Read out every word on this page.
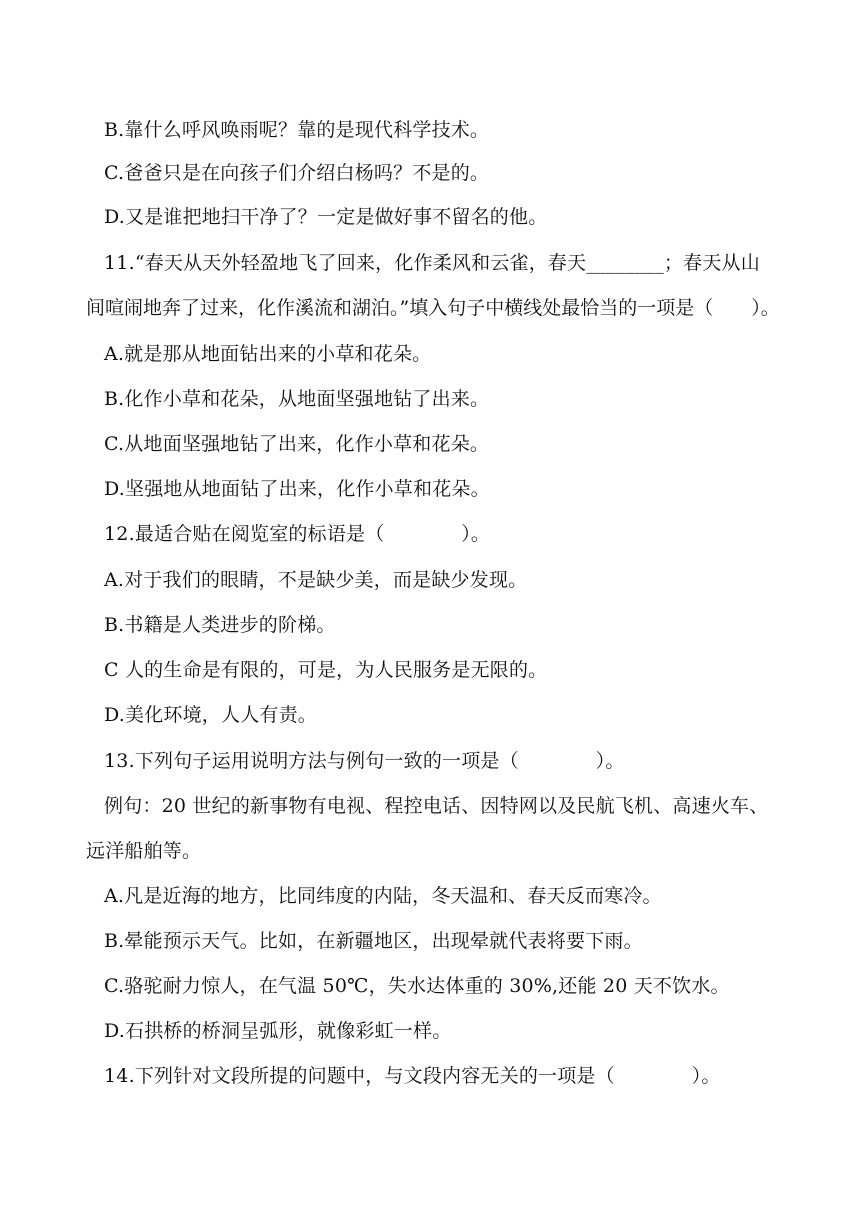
B.靠什么呼风唤雨呢？靠的是现代科学技术。
C.爸爸只是在向孩子们介绍白杨吗？不是的。
D.又是谁把地扫干净了？一定是做好事不留名的他。
11.“春天从天外轻盈地飞了回来，化作柔风和云雀，春天________；春天从山
间喧闹地奔了过来，化作溪流和湖泊。”填入句子中横线处最恰当的一项是（　　）。
A.就是那从地面钻出来的小草和花朵。
B.化作小草和花朵，从地面坚强地钻了出来。
C.从地面坚强地钻了出来，化作小草和花朵。
D.坚强地从地面钻了出来，化作小草和花朵。
12.最适合贴在阅览室的标语是（　　　　）。
A.对于我们的眼睛，不是缺少美，而是缺少发现。
B.书籍是人类进步的阶梯。
C 人的生命是有限的，可是，为人民服务是无限的。
D.美化环境，人人有责。
13.下列句子运用说明方法与例句一致的一项是（　　　　）。
例句：20 世纪的新事物有电视、程控电话、因特网以及民航飞机、高速火车、
远洋船舶等。
A.凡是近海的地方，比同纬度的内陆，冬天温和、春天反而寒冷。
B.晕能预示天气。比如，在新疆地区，出现晕就代表将要下雨。
C.骆驼耐力惊人，在气温 50℃，失水达体重的 30%,还能 20 天不饮水。
D.石拱桥的桥洞呈弧形，就像彩虹一样。
14.下列针对文段所提的问题中，与文段内容无关的一项是（　　　　）。
